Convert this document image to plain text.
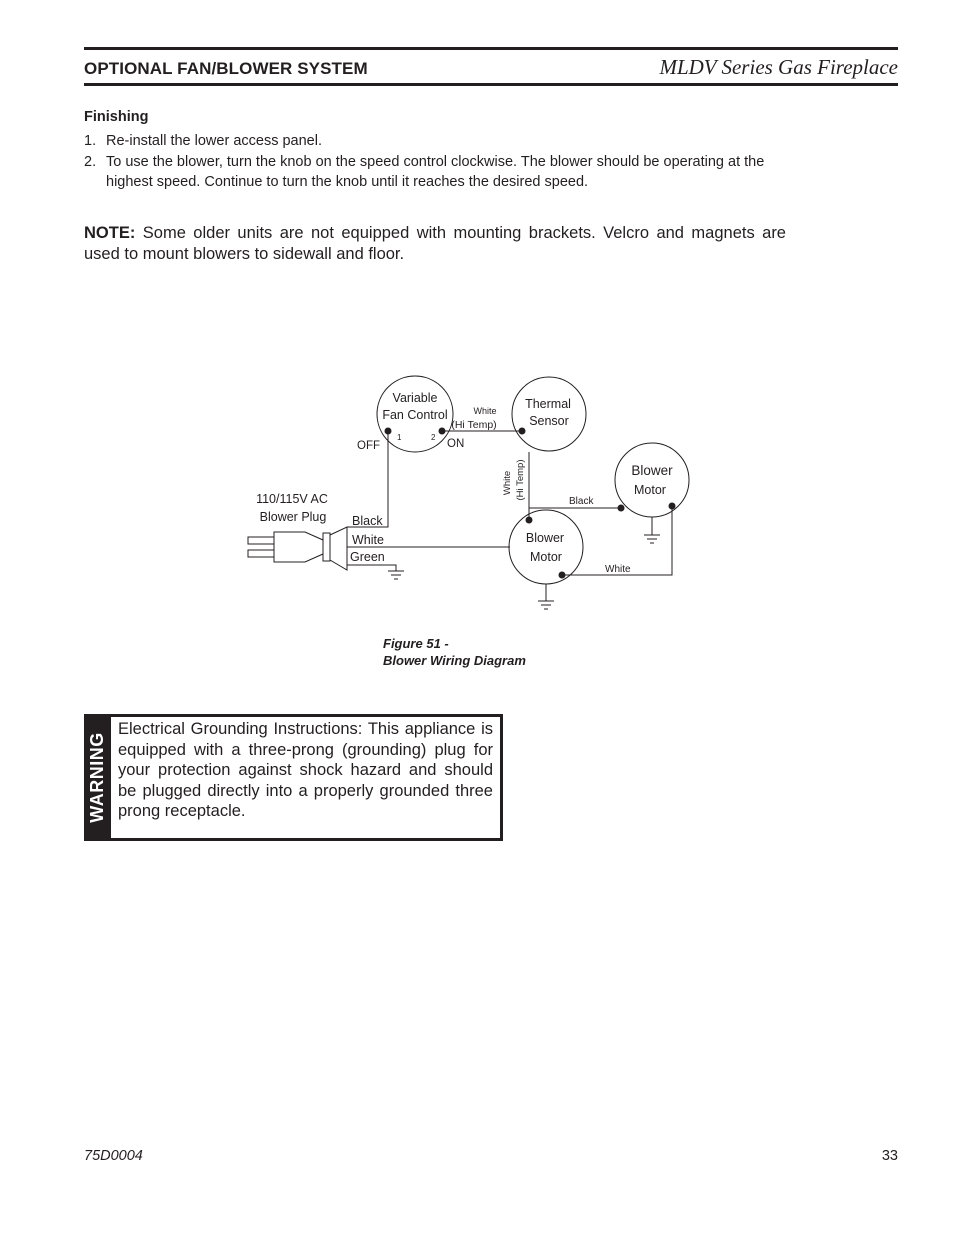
OPTIONAL FAN/BLOWER SYSTEM	MLDV Series Gas Fireplace
Finishing
1. Re-install the lower access panel.
2. To use the blower, turn the knob on the speed control clockwise. The blower should be operating at the highest speed. Continue to turn the knob until it reaches the desired speed.
NOTE: Some older units are not equipped with mounting brackets. Velcro and magnets are used to mount blowers to sidewall and floor.
Variable
Fan Control
1	2
OFF	ON
White
(Hi Temp)
Thermal
Sensor
White (Hi Temp)	Blower
Motor
Black
Blower
Motor
White
110/115V AC
Blower Plug Black
White
Green
Figure 51 -
Blower Wiring Diagram
WARNING
Electrical Grounding Instructions: This appliance is equipped with a three-prong (grounding) plug for your protection against shock hazard and should be plugged directly into a properly grounded three prong receptacle.
75D0004	33
